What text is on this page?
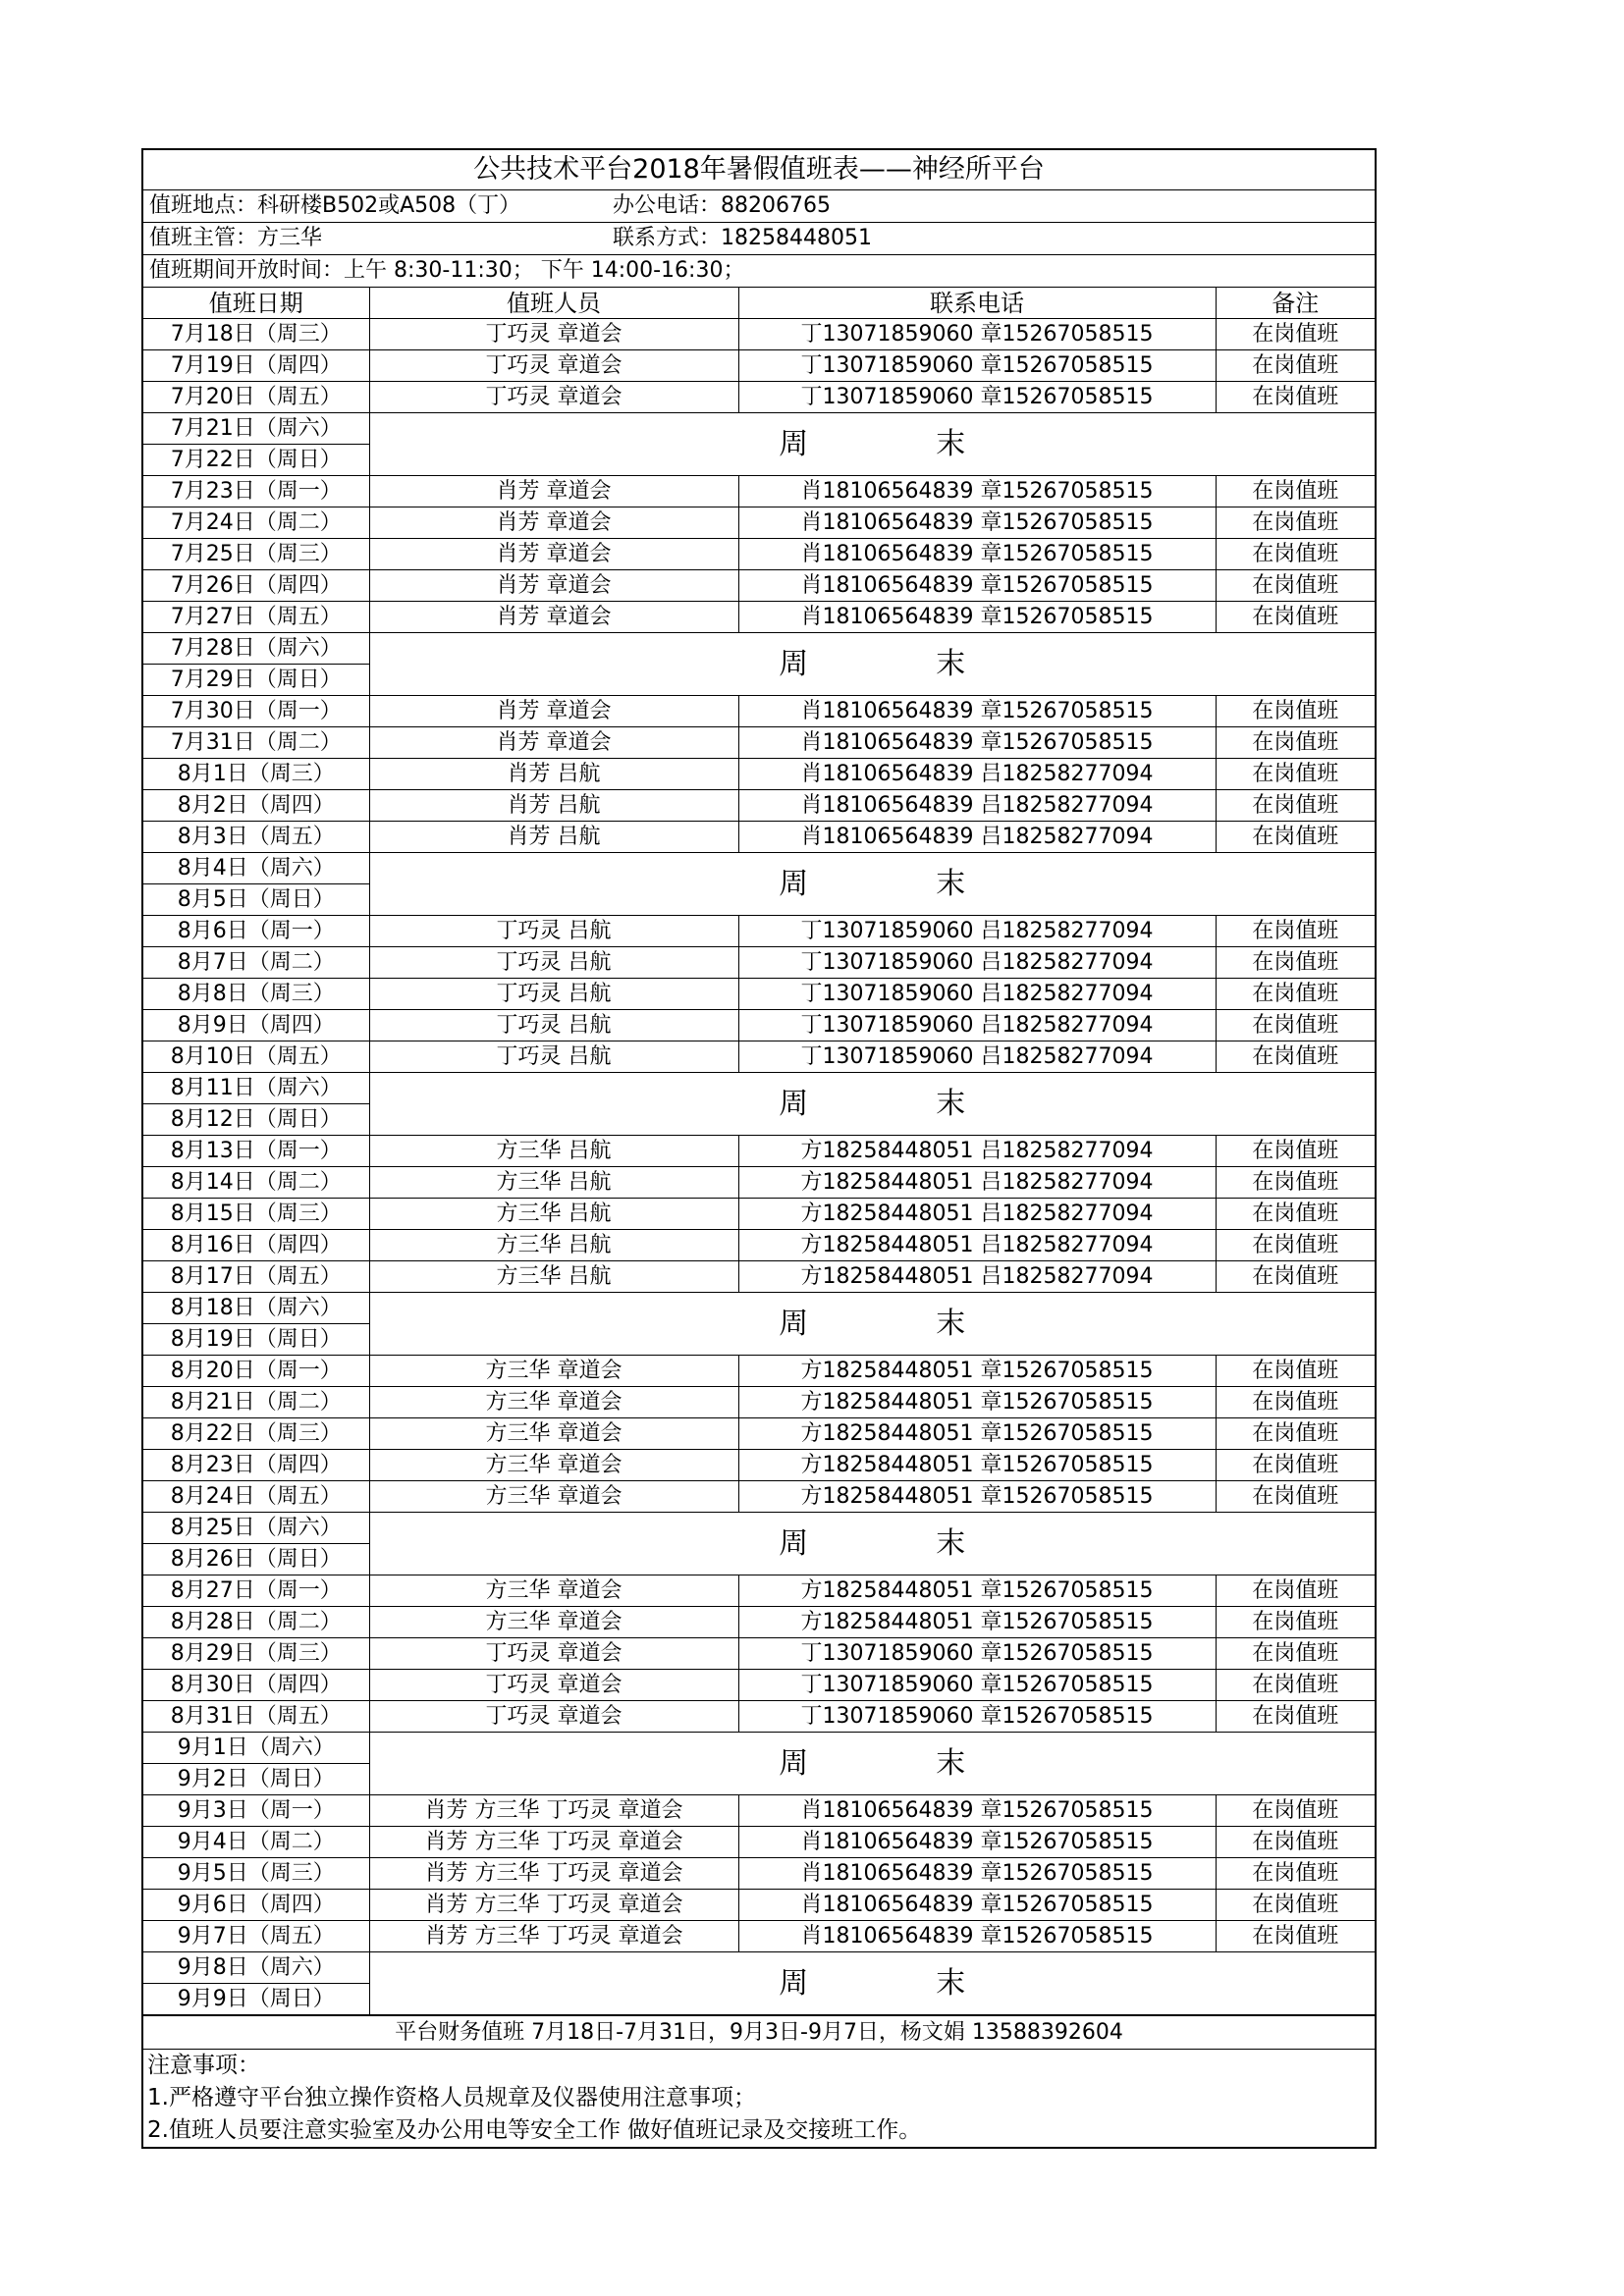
公共技术平台2018年暑假值班表——神经所平台
值班地点：科研楼B502或A508（丁）	办公电话：88206765
值班主管：方三华	联系方式：18258448051
值班期间开放时间：上午 8:30-11:30； 下午 14:00-16:30；
值班日期	值班人员	联系电话	备注
7月18日（周三）	丁巧灵 章道会	丁13071859060 章15267058515	在岗值班
7月19日（周四）	丁巧灵 章道会	丁13071859060 章15267058515	在岗值班
7月20日（周五）	丁巧灵 章道会	丁13071859060 章15267058515	在岗值班
7月21日（周六）	周 末		
7月22日（周日）			
7月23日（周一）	肖芳 章道会	肖18106564839 章15267058515	在岗值班
7月24日（周二）	肖芳 章道会	肖18106564839 章15267058515	在岗值班
7月25日（周三）	肖芳 章道会	肖18106564839 章15267058515	在岗值班
7月26日（周四）	肖芳 章道会	肖18106564839 章15267058515	在岗值班
7月27日（周五）	肖芳 章道会	肖18106564839 章15267058515	在岗值班
7月28日（周六）	周 末		
7月29日（周日）			
7月30日（周一）	肖芳 章道会	肖18106564839 章15267058515	在岗值班
7月31日（周二）	肖芳 章道会	肖18106564839 章15267058515	在岗值班
8月1日（周三）	肖芳 吕航	肖18106564839 吕18258277094	在岗值班
8月2日（周四）	肖芳 吕航	肖18106564839 吕18258277094	在岗值班
8月3日（周五）	肖芳 吕航	肖18106564839 吕18258277094	在岗值班
8月4日（周六）	周 末		
8月5日（周日）			
8月6日（周一）	丁巧灵 吕航	丁13071859060 吕18258277094	在岗值班
8月7日（周二）	丁巧灵 吕航	丁13071859060 吕18258277094	在岗值班
8月8日（周三）	丁巧灵 吕航	丁13071859060 吕18258277094	在岗值班
8月9日（周四）	丁巧灵 吕航	丁13071859060 吕18258277094	在岗值班
8月10日（周五）	丁巧灵 吕航	丁13071859060 吕18258277094	在岗值班
8月11日（周六）	周 末		
8月12日（周日）			
8月13日（周一）	方三华 吕航	方18258448051 吕18258277094	在岗值班
8月14日（周二）	方三华 吕航	方18258448051 吕18258277094	在岗值班
8月15日（周三）	方三华 吕航	方18258448051 吕18258277094	在岗值班
8月16日（周四）	方三华 吕航	方18258448051 吕18258277094	在岗值班
8月17日（周五）	方三华 吕航	方18258448051 吕18258277094	在岗值班
8月18日（周六）	周 末		
8月19日（周日）			
8月20日（周一）	方三华 章道会	方18258448051 章15267058515	在岗值班
8月21日（周二）	方三华 章道会	方18258448051 章15267058515	在岗值班
8月22日（周三）	方三华 章道会	方18258448051 章15267058515	在岗值班
8月23日（周四）	方三华 章道会	方18258448051 章15267058515	在岗值班
8月24日（周五）	方三华 章道会	方18258448051 章15267058515	在岗值班
8月25日（周六）	周 末		
8月26日（周日）			
8月27日（周一）	方三华 章道会	方18258448051 章15267058515	在岗值班
8月28日（周二）	方三华 章道会	方18258448051 章15267058515	在岗值班
8月29日（周三）	丁巧灵 章道会	丁13071859060 章15267058515	在岗值班
8月30日（周四）	丁巧灵 章道会	丁13071859060 章15267058515	在岗值班
8月31日（周五）	丁巧灵 章道会	丁13071859060 章15267058515	在岗值班
9月1日（周六）	周 末		
9月2日（周日）			
9月3日（周一）	肖芳 方三华 丁巧灵 章道会	肖18106564839 章15267058515	在岗值班
9月4日（周二）	肖芳 方三华 丁巧灵 章道会	肖18106564839 章15267058515	在岗值班
9月5日（周三）	肖芳 方三华 丁巧灵 章道会	肖18106564839 章15267058515	在岗值班
9月6日（周四）	肖芳 方三华 丁巧灵 章道会	肖18106564839 章15267058515	在岗值班
9月7日（周五）	肖芳 方三华 丁巧灵 章道会	肖18106564839 章15267058515	在岗值班
9月8日（周六）	周 末		
9月9日（周日）			
平台财务值班 7月18日-7月31日，9月3日-9月7日，杨文娟 13588392604
注意事项：
1.严格遵守平台独立操作资格人员规章及仪器使用注意事项；
2.值班人员要注意实验室及办公用电等安全工作 做好值班记录及交接班工作。
